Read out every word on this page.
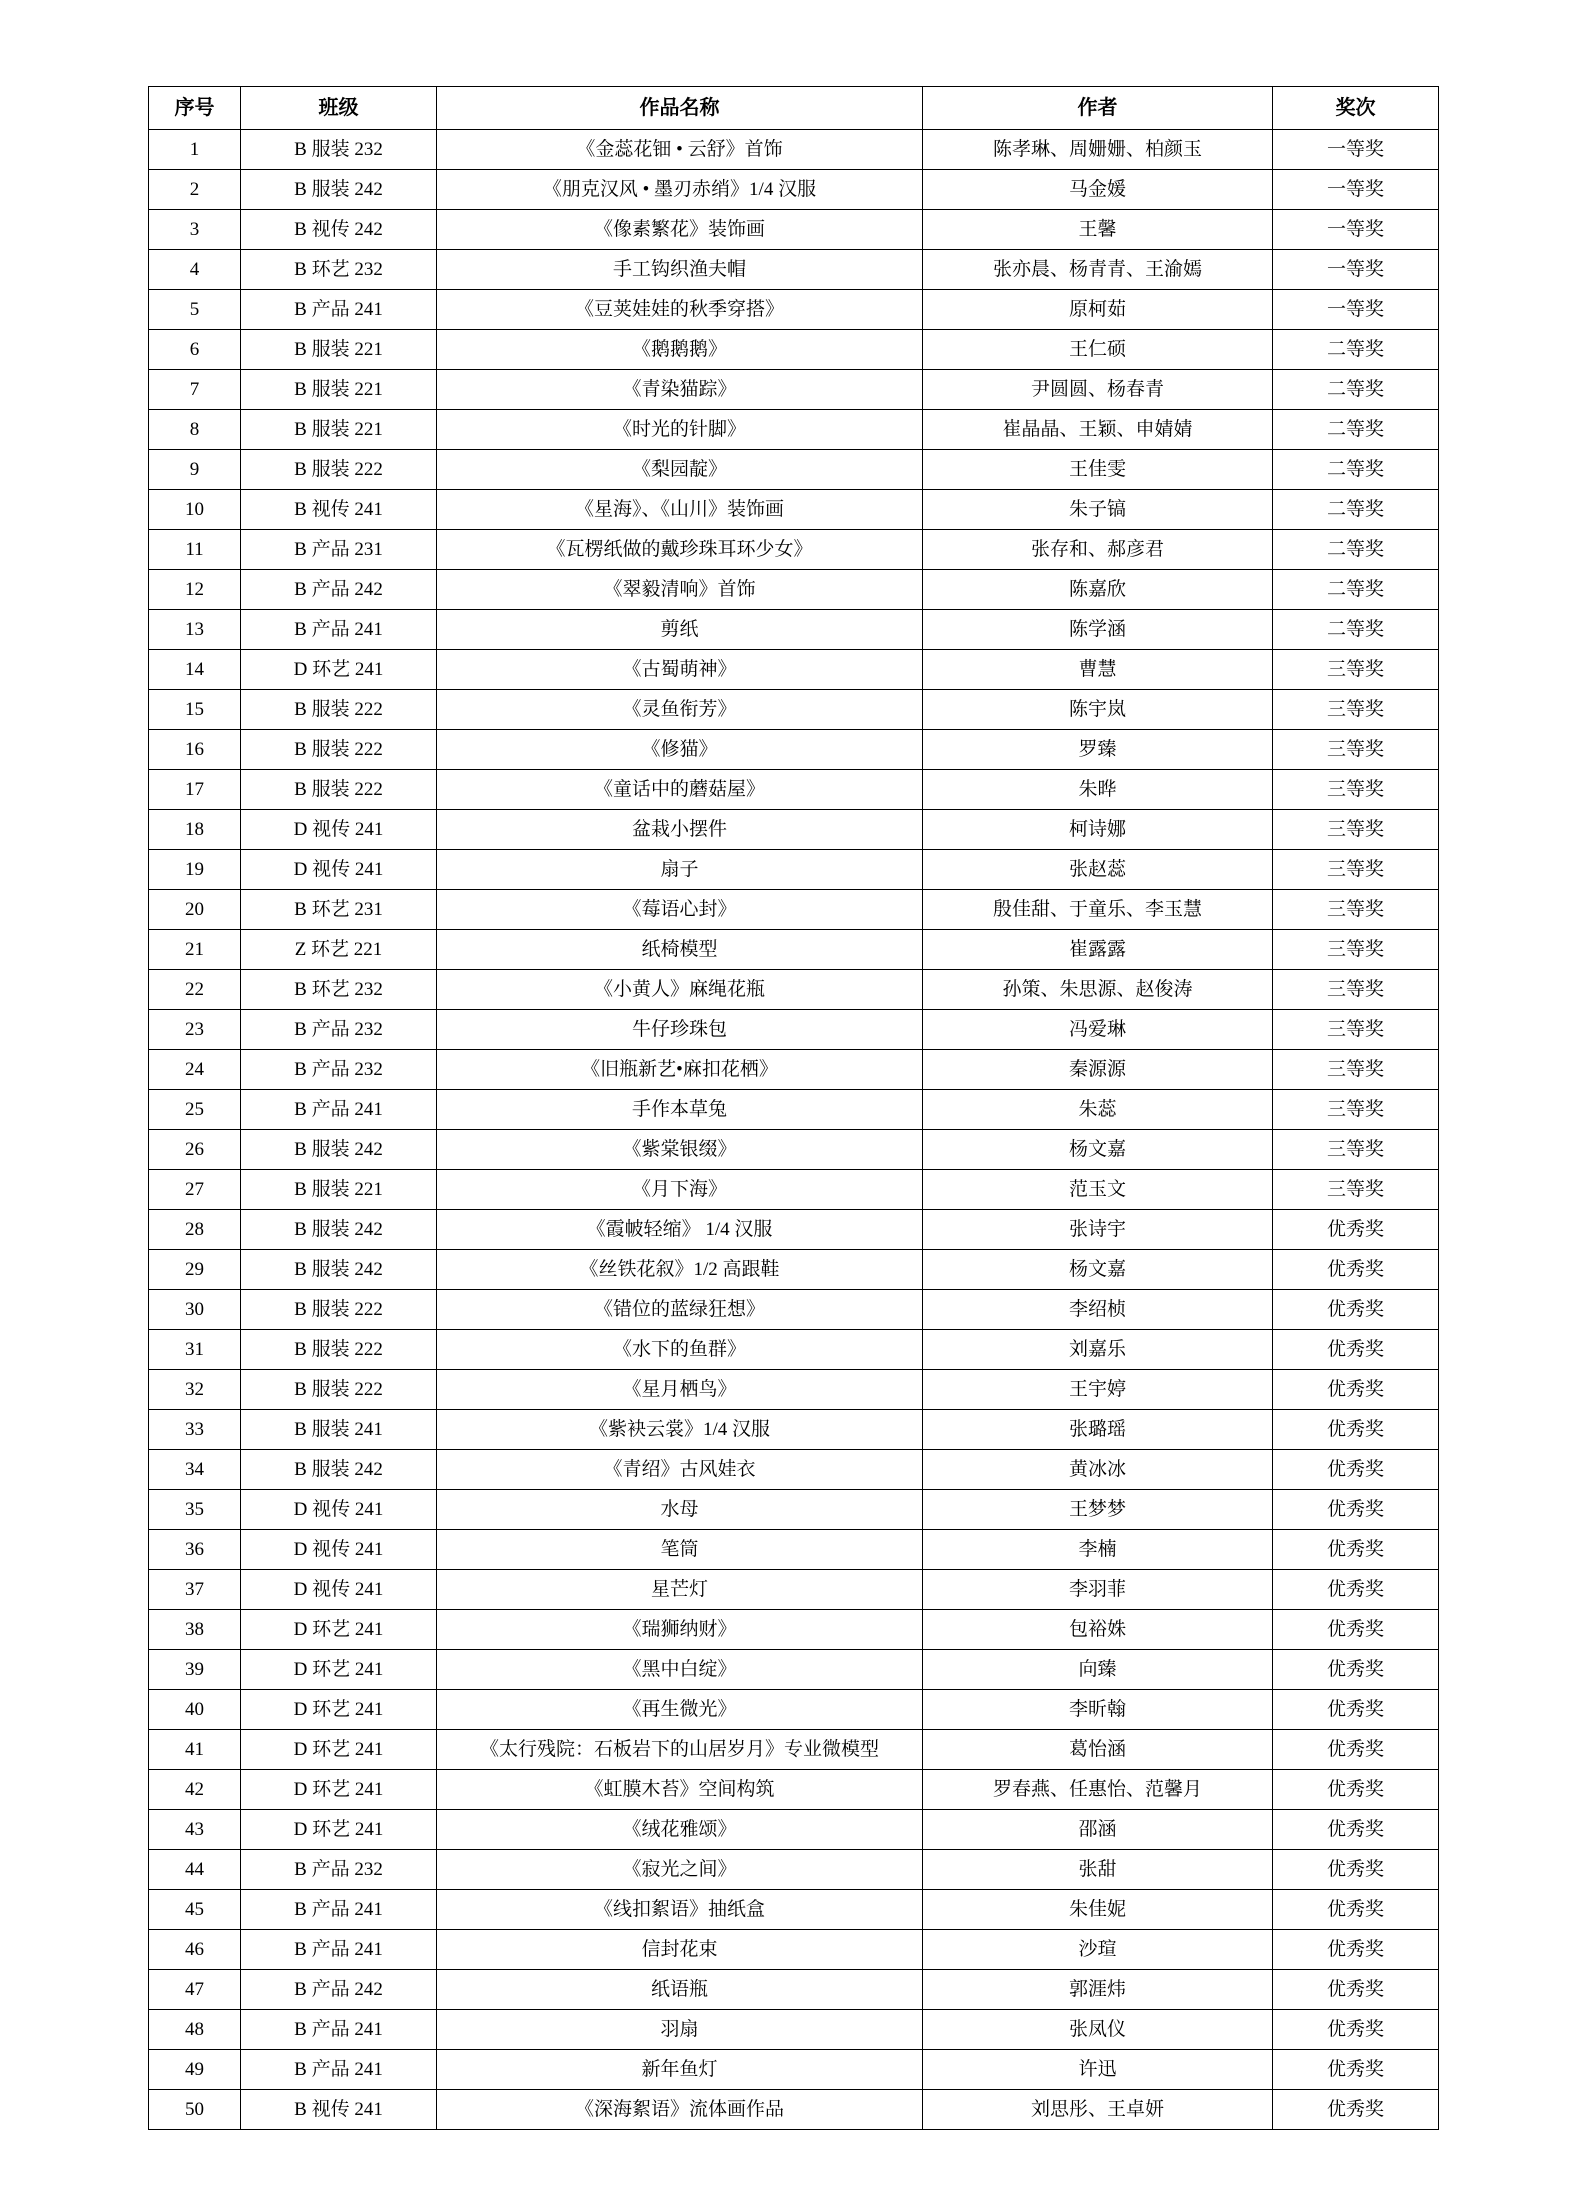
序号	班级	作品名称	作者	奖次
1	B 服装 232	《金蕊花钿 • 云舒》首饰	陈孝琳、周姗姗、柏颜玉	一等奖
2	B 服装 242	《朋克汉风 • 墨刃赤绡》1/4 汉服	马金媛	一等奖
3	B 视传 242	《像素繁花》装饰画	王馨	一等奖
4	B 环艺 232	手工钩织渔夫帽	张亦晨、杨青青、王渝嫣	一等奖
5	B 产品 241	《豆荚娃娃的秋季穿搭》	原柯茹	一等奖
6	B 服装 221	《鹅鹅鹅》	王仁硕	二等奖
7	B 服装 221	《青染猫踪》	尹圆圆、杨春青	二等奖
8	B 服装 221	《时光的针脚》	崔晶晶、王颖、申婧婧	二等奖
9	B 服装 222	《梨园靛》	王佳雯	二等奖
10	B 视传 241	《星海》、《山川》装饰画	朱子镐	二等奖
11	B 产品 231	《瓦楞纸做的戴珍珠耳环少女》	张存和、郝彦君	二等奖
12	B 产品 242	《翠毅清响》首饰	陈嘉欣	二等奖
13	B 产品 241	剪纸	陈学涵	二等奖
14	D 环艺 241	《古蜀萌神》	曹慧	三等奖
15	B 服装 222	《灵鱼衔芳》	陈宇岚	三等奖
16	B 服装 222	《修猫》	罗臻	三等奖
17	B 服装 222	《童话中的蘑菇屋》	朱晔	三等奖
18	D 视传 241	盆栽小摆件	柯诗娜	三等奖
19	D 视传 241	扇子	张赵蕊	三等奖
20	B 环艺 231	《莓语心封》	殷佳甜、于童乐、李玉慧	三等奖
21	Z 环艺 221	纸椅模型	崔露露	三等奖
22	B 环艺 232	《小黄人》麻绳花瓶	孙策、朱思源、赵俊涛	三等奖
23	B 产品 232	牛仔珍珠包	冯爱琳	三等奖
24	B 产品 232	《旧瓶新艺•麻扣花栖》	秦源源	三等奖
25	B 产品 241	手作本草兔	朱蕊	三等奖
26	B 服装 242	《紫棠银缀》	杨文嘉	三等奖
27	B 服装 221	《月下海》	范玉文	三等奖
28	B 服装 242	《霞帔轻缩》 1/4 汉服	张诗宇	优秀奖
29	B 服装 242	《丝铁花叙》1/2 高跟鞋	杨文嘉	优秀奖
30	B 服装 222	《错位的蓝绿狂想》	李绍桢	优秀奖
31	B 服装 222	《水下的鱼群》	刘嘉乐	优秀奖
32	B 服装 222	《星月栖鸟》	王宇婷	优秀奖
33	B 服装 241	《紫袂云裳》1/4 汉服	张璐瑶	优秀奖
34	B 服装 242	《青绍》古风娃衣	黄冰冰	优秀奖
35	D 视传 241	水母	王梦梦	优秀奖
36	D 视传 241	笔筒	李楠	优秀奖
37	D 视传 241	星芒灯	李羽菲	优秀奖
38	D 环艺 241	《瑞狮纳财》	包裕姝	优秀奖
39	D 环艺 241	《黑中白绽》	向臻	优秀奖
40	D 环艺 241	《再生微光》	李昕翰	优秀奖
41	D 环艺 241	《太行残院：石板岩下的山居岁月》专业微模型	葛怡涵	优秀奖
42	D 环艺 241	《虹膜木苔》空间构筑	罗春燕、任惠怡、范馨月	优秀奖
43	D 环艺 241	《绒花雅颂》	邵涵	优秀奖
44	B 产品 232	《寂光之间》	张甜	优秀奖
45	B 产品 241	《线扣絮语》抽纸盒	朱佳妮	优秀奖
46	B 产品 241	信封花束	沙瑄	优秀奖
47	B 产品 242	纸语瓶	郭涯炜	优秀奖
48	B 产品 241	羽扇	张凤仪	优秀奖
49	B 产品 241	新年鱼灯	许迅	优秀奖
50	B 视传 241	《深海絮语》流体画作品	刘思彤、王卓妍	优秀奖
